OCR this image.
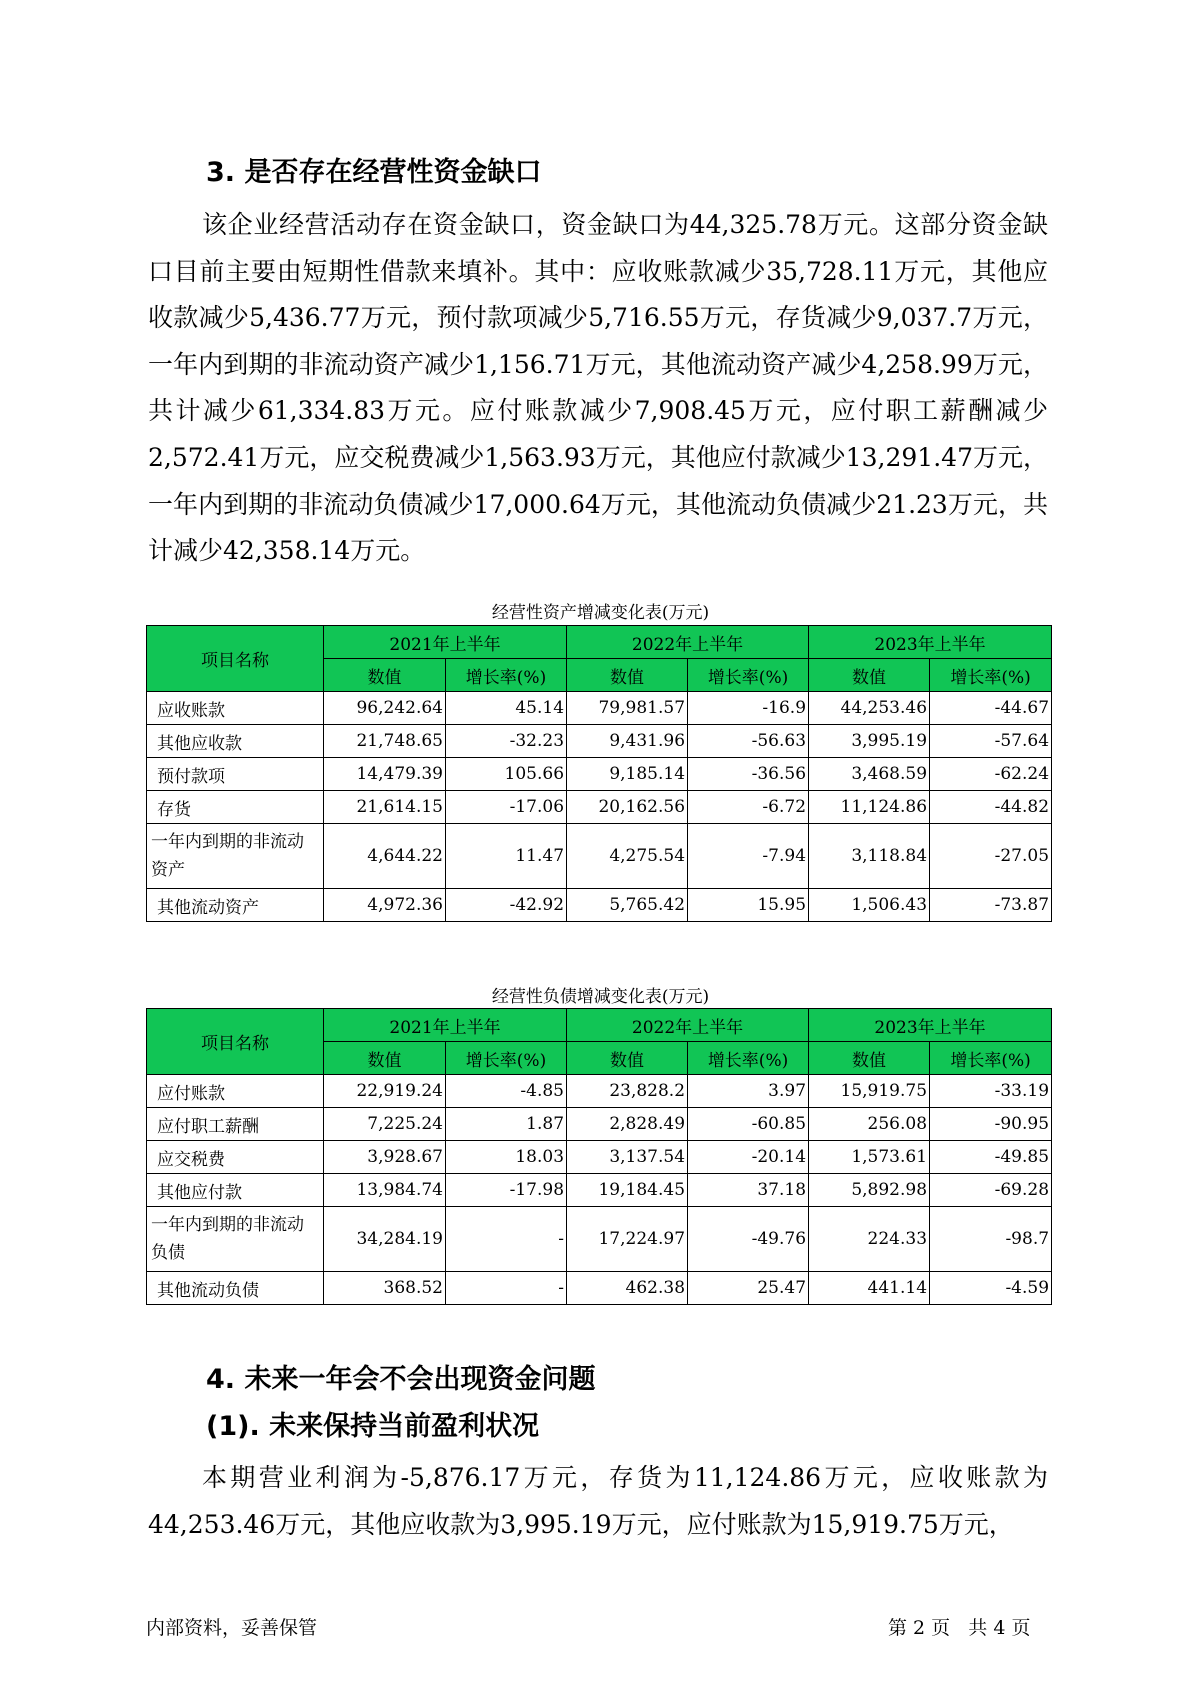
3. 是否存在经营性资金缺口

该企业经营活动存在资金缺口，资金缺口为44,325.78万元。这部分资金缺口目前主要由短期性借款来填补。其中：应收账款减少35,728.11万元，其他应收款减少5,436.77万元，预付款项减少5,716.55万元，存货减少9,037.7万元，一年内到期的非流动资产减少1,156.71万元，其他流动资产减少4,258.99万元，共计减少61,334.83万元。应付账款减少7,908.45万元，应付职工薪酬减少2,572.41万元，应交税费减少1,563.93万元，其他应付款减少13,291.47万元，一年内到期的非流动负债减少17,000.64万元，其他流动负债减少21.23万元，共计减少42,358.14万元。

经营性资产增减变化表(万元)
项目名称	2021年上半年		2022年上半年		2023年上半年	
	数值	增长率(%)	数值	增长率(%)	数值	增长率(%)
应收账款	96,242.64	45.14	79,981.57	-16.9	44,253.46	-44.67
其他应收款	21,748.65	-32.23	9,431.96	-56.63	3,995.19	-57.64
预付款项	14,479.39	105.66	9,185.14	-36.56	3,468.59	-62.24
存货	21,614.15	-17.06	20,162.56	-6.72	11,124.86	-44.82
一年内到期的非流动资产	4,644.22	11.47	4,275.54	-7.94	3,118.84	-27.05
其他流动资产	4,972.36	-42.92	5,765.42	15.95	1,506.43	-73.87
经营性负债增减变化表(万元)
项目名称	2021年上半年		2022年上半年		2023年上半年	
	数值	增长率(%)	数值	增长率(%)	数值	增长率(%)
应付账款	22,919.24	-4.85	23,828.2	3.97	15,919.75	-33.19
应付职工薪酬	7,225.24	1.87	2,828.49	-60.85	256.08	-90.95
应交税费	3,928.67	18.03	3,137.54	-20.14	1,573.61	-49.85
其他应付款	13,984.74	-17.98	19,184.45	37.18	5,892.98	-69.28
一年内到期的非流动负债	34,284.19	-	17,224.97	-49.76	224.33	-98.7
其他流动负债	368.52	-	462.38	25.47	441.14	-4.59
4. 未来一年会不会出现资金问题
(1). 未来保持当前盈利状况

本期营业利润为-5,876.17万元，存货为11,124.86万元，应收账款为44,253.46万元，其他应收款为3,995.19万元，应付账款为15,919.75万元，

内部资料，妥善保管	第 2 页   共 4 页
